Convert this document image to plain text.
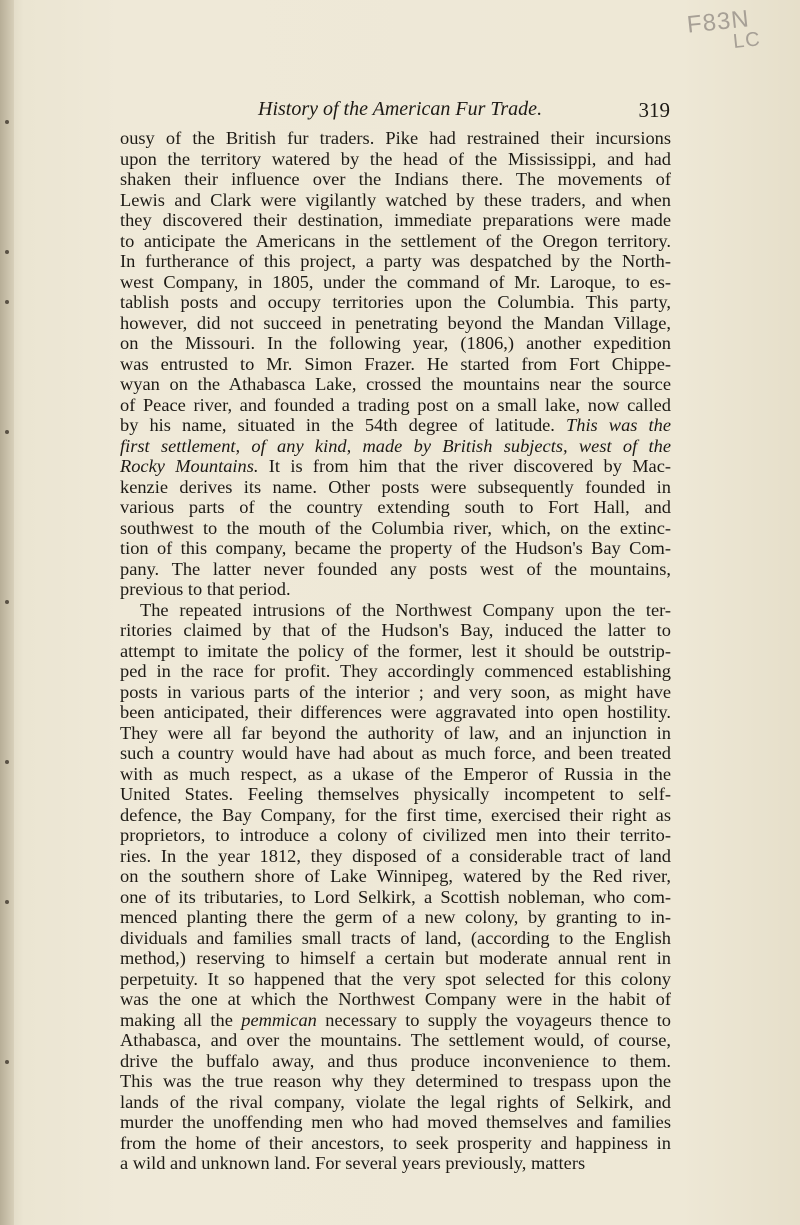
F83N
LC
History of the American Fur Trade.	319
ousy of the British fur traders. Pike had restrained their incursions
upon the territory watered by the head of the Mississippi, and had
shaken their influence over the Indians there. The movements of
Lewis and Clark were vigilantly watched by these traders, and when
they discovered their destination, immediate preparations were made
to anticipate the Americans in the settlement of the Oregon territory.
In furtherance of this project, a party was despatched by the North-
west Company, in 1805, under the command of Mr. Laroque, to es-
tablish posts and occupy territories upon the Columbia. This party,
however, did not succeed in penetrating beyond the Mandan Village,
on the Missouri. In the following year, (1806,) another expedition
was entrusted to Mr. Simon Frazer. He started from Fort Chippe-
wyan on the Athabasca Lake, crossed the mountains near the source
of Peace river, and founded a trading post on a small lake, now called
by his name, situated in the 54th degree of latitude. This was the
first settlement, of any kind, made by British subjects, west of the
Rocky Mountains. It is from him that the river discovered by Mac-
kenzie derives its name. Other posts were subsequently founded in
various parts of the country extending south to Fort Hall, and
southwest to the mouth of the Columbia river, which, on the extinc-
tion of this company, became the property of the Hudson's Bay Com-
pany. The latter never founded any posts west of the mountains,
previous to that period.
The repeated intrusions of the Northwest Company upon the ter-
ritories claimed by that of the Hudson's Bay, induced the latter to
attempt to imitate the policy of the former, lest it should be outstrip-
ped in the race for profit. They accordingly commenced establishing
posts in various parts of the interior ; and very soon, as might have
been anticipated, their differences were aggravated into open hostility.
They were all far beyond the authority of law, and an injunction in
such a country would have had about as much force, and been treated
with as much respect, as a ukase of the Emperor of Russia in the
United States. Feeling themselves physically incompetent to self-
defence, the Bay Company, for the first time, exercised their right as
proprietors, to introduce a colony of civilized men into their territo-
ries. In the year 1812, they disposed of a considerable tract of land
on the southern shore of Lake Winnipeg, watered by the Red river,
one of its tributaries, to Lord Selkirk, a Scottish nobleman, who com-
menced planting there the germ of a new colony, by granting to in-
dividuals and families small tracts of land, (according to the English
method,) reserving to himself a certain but moderate annual rent in
perpetuity. It so happened that the very spot selected for this colony
was the one at which the Northwest Company were in the habit of
making all the pemmican necessary to supply the voyageurs thence to
Athabasca, and over the mountains. The settlement would, of course,
drive the buffalo away, and thus produce inconvenience to them.
This was the true reason why they determined to trespass upon the
lands of the rival company, violate the legal rights of Selkirk, and
murder the unoffending men who had moved themselves and families
from the home of their ancestors, to seek prosperity and happiness in
a wild and unknown land. For several years previously, matters
